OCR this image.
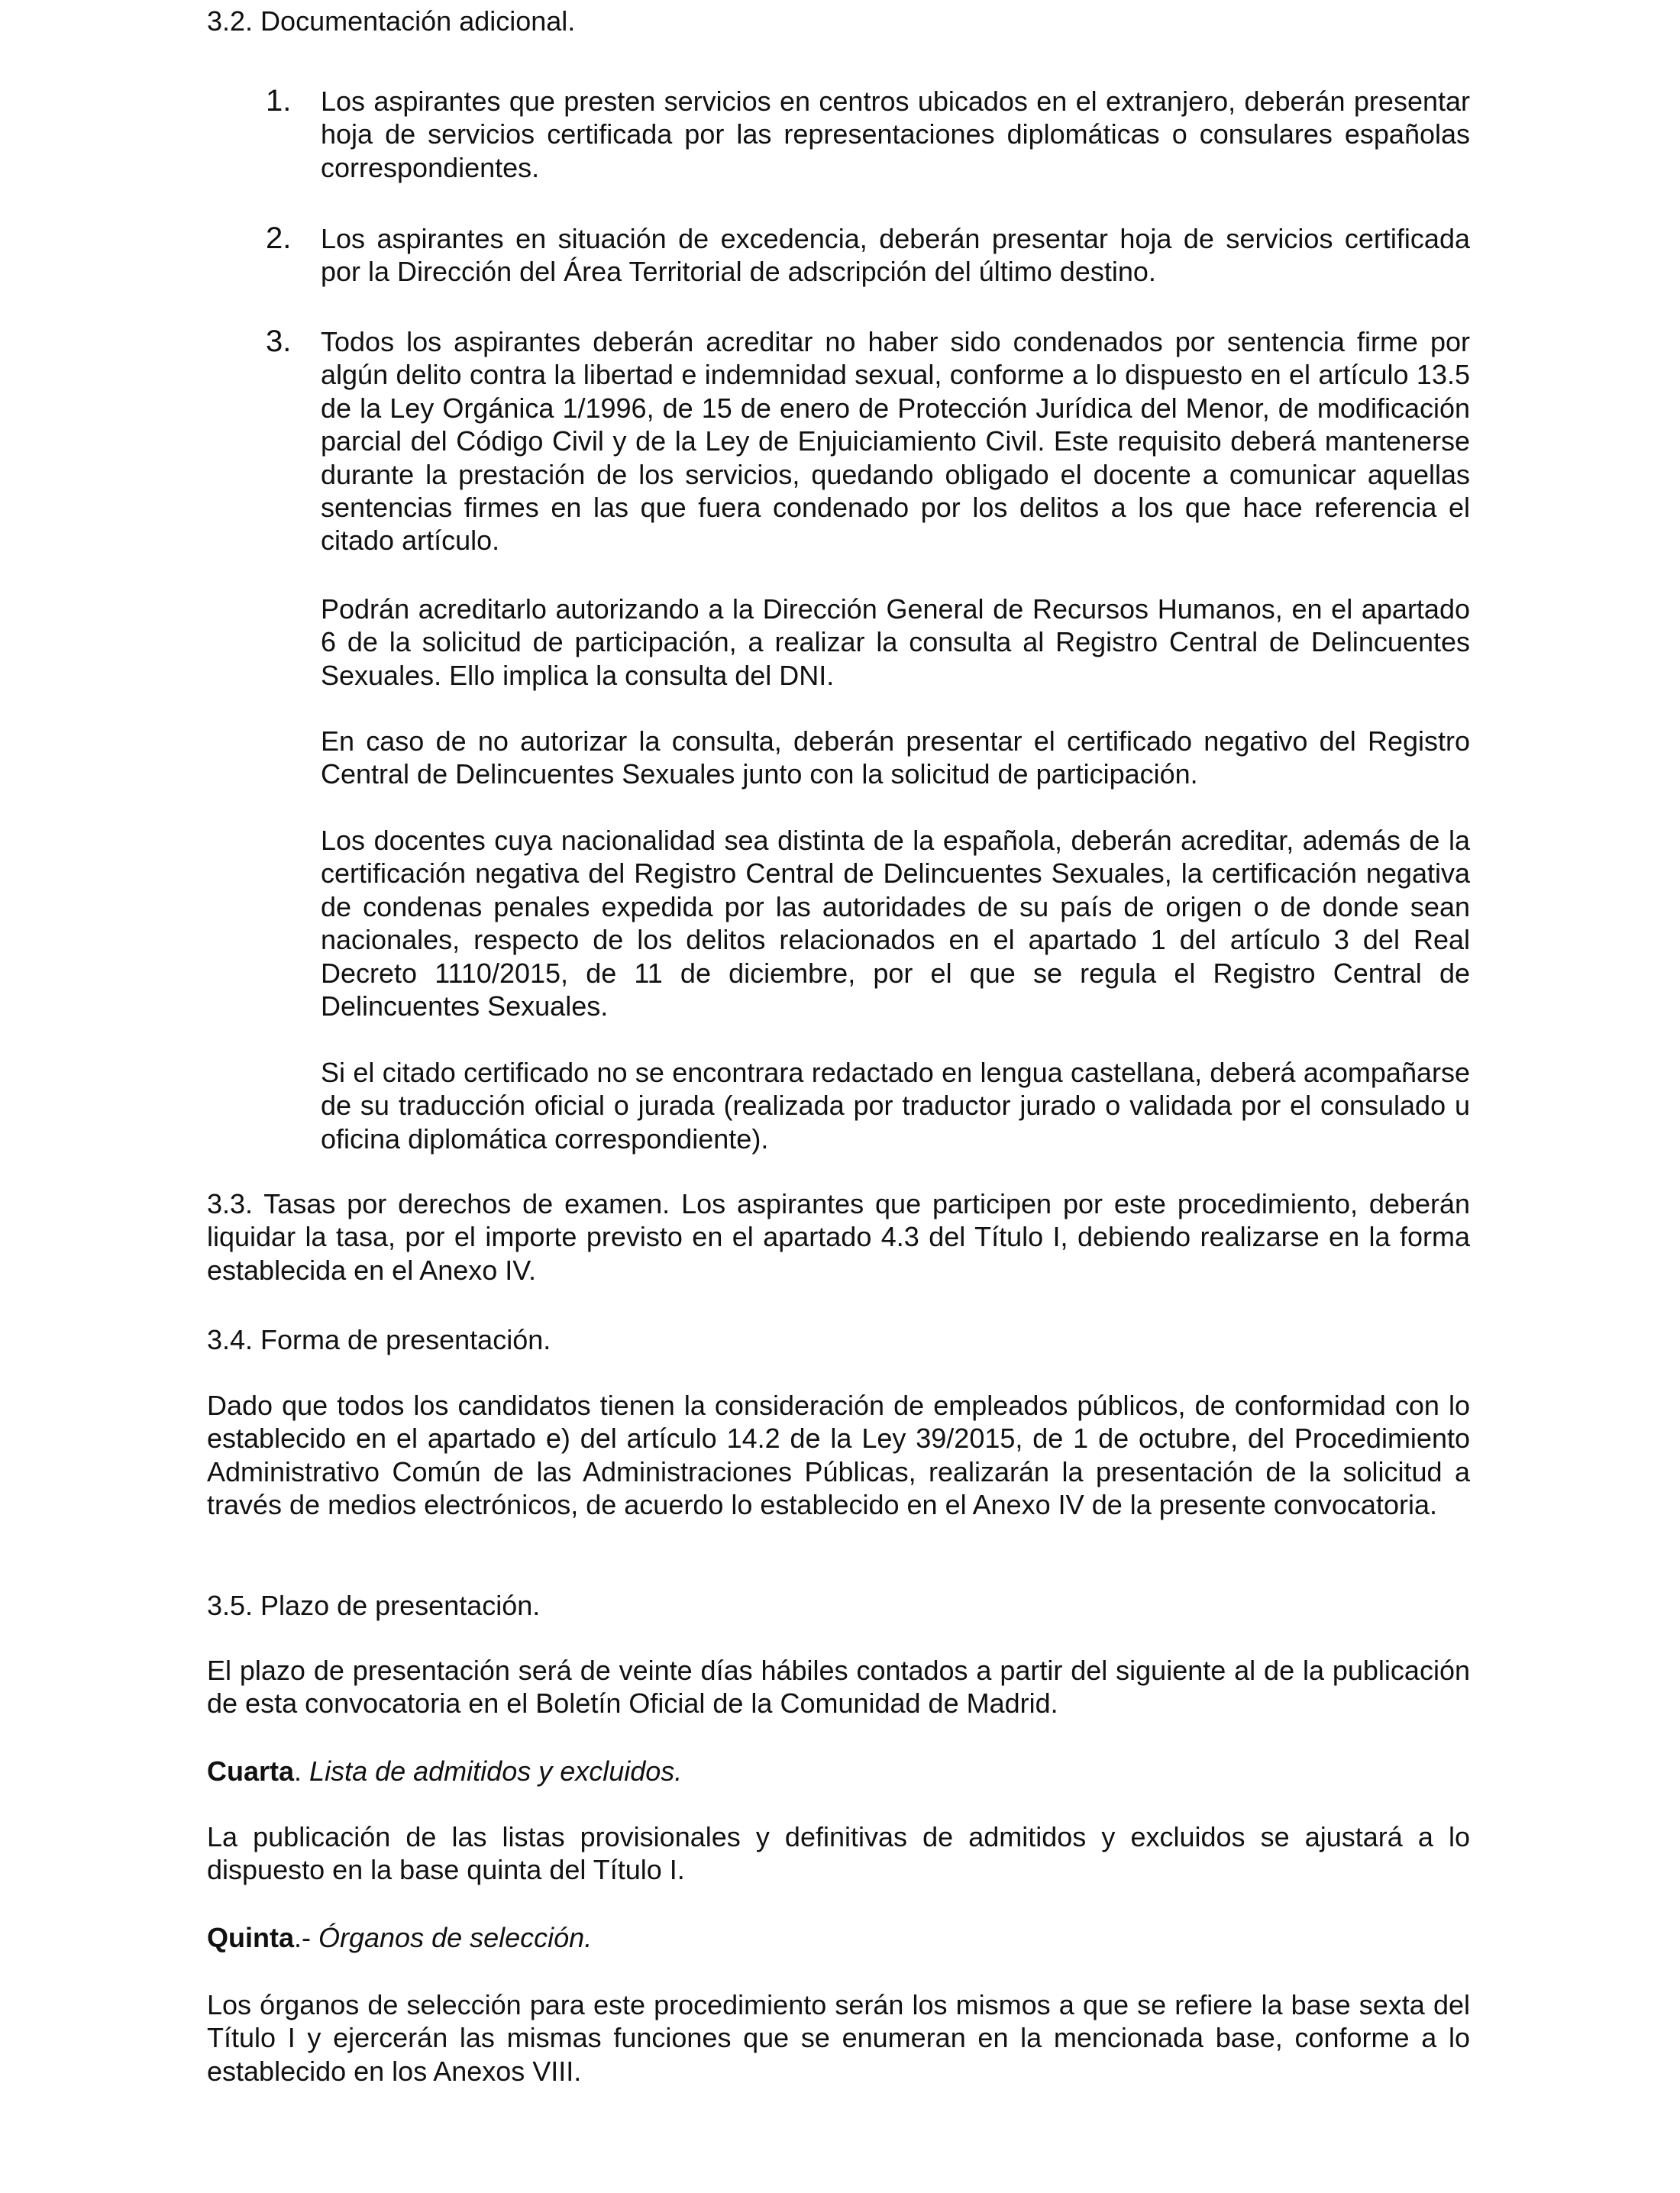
3.2. Documentación adicional.

1. Los aspirantes que presten servicios en centros ubicados en el extranjero, deberán presentar hoja de servicios certificada por las representaciones diplomáticas o consulares españolas correspondientes.
2. Los aspirantes en situación de excedencia, deberán presentar hoja de servicios certificada por la Dirección del Área Territorial de adscripción del último destino.
3. Todos los aspirantes deberán acreditar no haber sido condenados por sentencia firme por algún delito contra la libertad e indemnidad sexual, conforme a lo dispuesto en el artículo 13.5 de la Ley Orgánica 1/1996, de 15 de enero de Protección Jurídica del Menor, de modificación parcial del Código Civil y de la Ley de Enjuiciamiento Civil. Este requisito deberá mantenerse durante la prestación de los servicios, quedando obligado el docente a comunicar aquellas sentencias firmes en las que fuera condenado por los delitos a los que hace referencia el citado artículo.

Podrán acreditarlo autorizando a la Dirección General de Recursos Humanos, en el apartado 6 de la solicitud de participación, a realizar la consulta al Registro Central de Delincuentes Sexuales. Ello implica la consulta del DNI.

En caso de no autorizar la consulta, deberán presentar el certificado negativo del Registro Central de Delincuentes Sexuales junto con la solicitud de participación.

Los docentes cuya nacionalidad sea distinta de la española, deberán acreditar, además de la certificación negativa del Registro Central de Delincuentes Sexuales, la certificación negativa de condenas penales expedida por las autoridades de su país de origen o de donde sean nacionales, respecto de los delitos relacionados en el apartado 1 del artículo 3 del Real Decreto 1110/2015, de 11 de diciembre, por el que se regula el Registro Central de Delincuentes Sexuales.

Si el citado certificado no se encontrara redactado en lengua castellana, deberá acompañarse de su traducción oficial o jurada (realizada por traductor jurado o validada por el consulado u oficina diplomática correspondiente).

3.3. Tasas por derechos de examen. Los aspirantes que participen por este procedimiento, deberán liquidar la tasa, por el importe previsto en el apartado 4.3 del Título I, debiendo realizarse en la forma establecida en el Anexo IV.

3.4. Forma de presentación.

Dado que todos los candidatos tienen la consideración de empleados públicos, de conformidad con lo establecido en el apartado e) del artículo 14.2 de la Ley 39/2015, de 1 de octubre, del Procedimiento Administrativo Común de las Administraciones Públicas, realizarán la presentación de la solicitud a través de medios electrónicos, de acuerdo lo establecido en el Anexo IV de la presente convocatoria.

3.5. Plazo de presentación.

El plazo de presentación será de veinte días hábiles contados a partir del siguiente al de la publicación de esta convocatoria en el Boletín Oficial de la Comunidad de Madrid.

Cuarta. Lista de admitidos y excluidos.

La publicación de las listas provisionales y definitivas de admitidos y excluidos se ajustará a lo dispuesto en la base quinta del Título I.

Quinta.- Órganos de selección.

Los órganos de selección para este procedimiento serán los mismos a que se refiere la base sexta del Título I y ejercerán las mismas funciones que se enumeran en la mencionada base, conforme a lo establecido en los Anexos VIII.
